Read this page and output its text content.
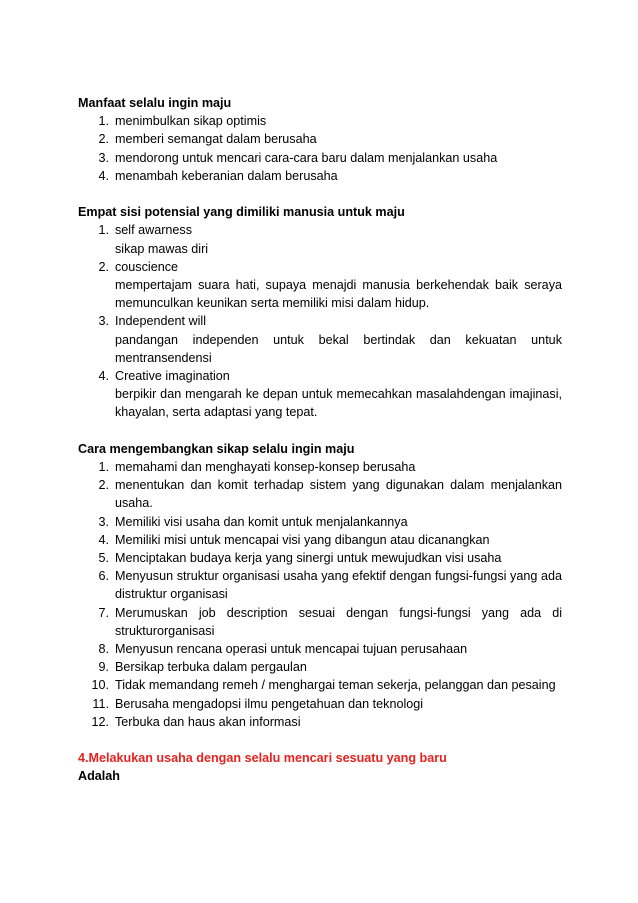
Manfaat selalu ingin maju
1. menimbulkan sikap optimis
2. memberi semangat dalam berusaha
3. mendorong untuk mencari cara-cara baru dalam menjalankan usaha
4. menambah keberanian dalam berusaha
Empat sisi potensial yang dimiliki manusia untuk maju
1. self awarness
sikap mawas diri
2. couscience
mempertajam suara hati, supaya menajdi manusia berkehendak baik seraya memunculkan keunikan serta memiliki misi dalam hidup.
3. Independent will
pandangan independen untuk bekal bertindak dan kekuatan untuk mentransendensi
4. Creative imagination
berpikir dan mengarah ke depan untuk memecahkan masalahdengan imajinasi, khayalan, serta adaptasi yang tepat.
Cara mengembangkan sikap selalu ingin maju
1. memahami dan menghayati konsep-konsep berusaha
2. menentukan dan komit terhadap sistem yang digunakan dalam menjalankan usaha.
3. Memiliki visi usaha dan komit untuk menjalankannya
4. Memiliki misi untuk mencapai visi yang dibangun atau dicanangkan
5. Menciptakan budaya kerja yang sinergi untuk mewujudkan visi usaha
6. Menyusun struktur organisasi usaha yang efektif dengan fungsi-fungsi yang ada distruktur organisasi
7. Merumuskan job description sesuai dengan fungsi-fungsi yang ada di strukturorganisasi
8. Menyusun rencana operasi untuk mencapai tujuan perusahaan
9. Bersikap terbuka dalam pergaulan
10. Tidak memandang remeh / menghargai teman sekerja, pelanggan dan pesaing
11. Berusaha mengadopsi ilmu pengetahuan dan teknologi
12. Terbuka dan haus akan informasi
4.Melakukan usaha dengan selalu mencari sesuatu yang baru
Adalah
